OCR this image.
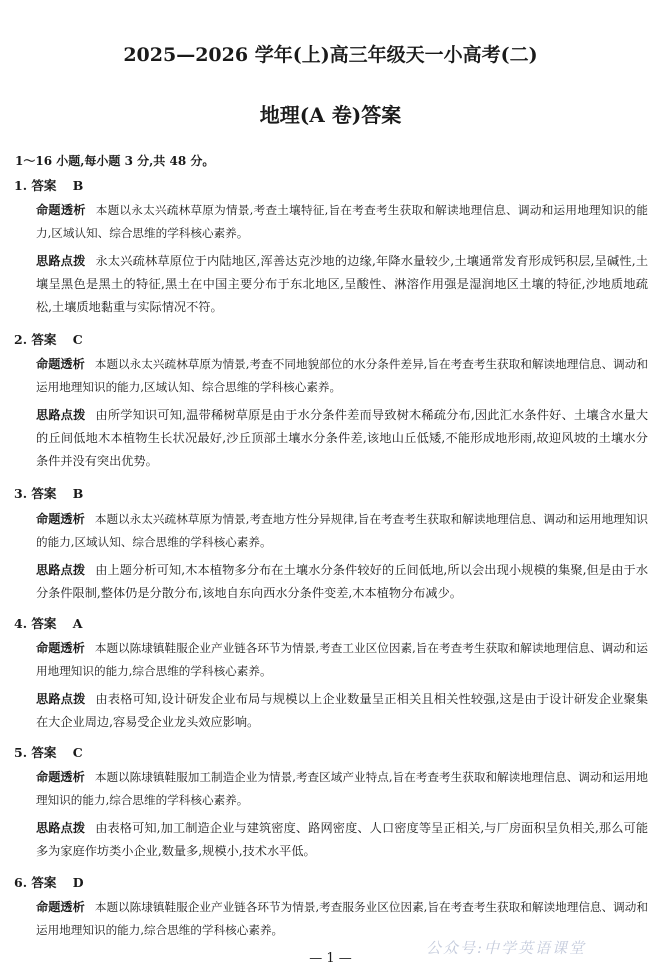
2025—2026 学年(上)高三年级天一小高考(二)
地理(A 卷)答案
1～16 小题,每小题 3 分,共 48 分。
1. 答案 B
命题透析 本题以永太兴疏林草原为情景,考查土壤特征,旨在考查考生获取和解读地理信息、调动和运用地理知识的能力,区域认知、综合思维的学科核心素养。
思路点拨 永太兴疏林草原位于内陆地区,浑善达克沙地的边缘,年降水量较少,土壤通常发育形成钙积层,呈碱性,土壤呈黑色是黑土的特征,黑土在中国主要分布于东北地区,呈酸性、淋溶作用强是湿润地区土壤的特征,沙地质地疏松,土壤质地黏重与实际情况不符。
2. 答案 C
命题透析 本题以永太兴疏林草原为情景,考查不同地貌部位的水分条件差异,旨在考查考生获取和解读地理信息、调动和运用地理知识的能力,区域认知、综合思维的学科核心素养。
思路点拨 由所学知识可知,温带稀树草原是由于水分条件差而导致树木稀疏分布,因此汇水条件好、土壤含水量大的丘间低地木本植物生长状况最好,沙丘顶部土壤水分条件差,该地山丘低矮,不能形成地形雨,故迎风坡的土壤水分条件并没有突出优势。
3. 答案 B
命题透析 本题以永太兴疏林草原为情景,考查地方性分异规律,旨在考查考生获取和解读地理信息、调动和运用地理知识的能力,区域认知、综合思维的学科核心素养。
思路点拨 由上题分析可知,木本植物多分布在土壤水分条件较好的丘间低地,所以会出现小规模的集聚,但是由于水分条件限制,整体仍是分散分布,该地自东向西水分条件变差,木本植物分布减少。
4. 答案 A
命题透析 本题以陈埭镇鞋服企业产业链各环节为情景,考查工业区位因素,旨在考查考生获取和解读地理信息、调动和运用地理知识的能力,综合思维的学科核心素养。
思路点拨 由表格可知,设计研发企业布局与规模以上企业数量呈正相关且相关性较强,这是由于设计研发企业聚集在大企业周边,容易受企业龙头效应影响。
5. 答案 C
命题透析 本题以陈埭镇鞋服加工制造企业为情景,考查区域产业特点,旨在考查考生获取和解读地理信息、调动和运用地理知识的能力,综合思维的学科核心素养。
思路点拨 由表格可知,加工制造企业与建筑密度、路网密度、人口密度等呈正相关,与厂房面积呈负相关,那么可能多为家庭作坊类小企业,数量多,规模小,技术水平低。
6. 答案 D
命题透析 本题以陈埭镇鞋服企业产业链各环节为情景,考查服务业区位因素,旨在考查考生获取和解读地理信息、调动和运用地理知识的能力,综合思维的学科核心素养。
公众号:中学英语课堂
— 1 —
